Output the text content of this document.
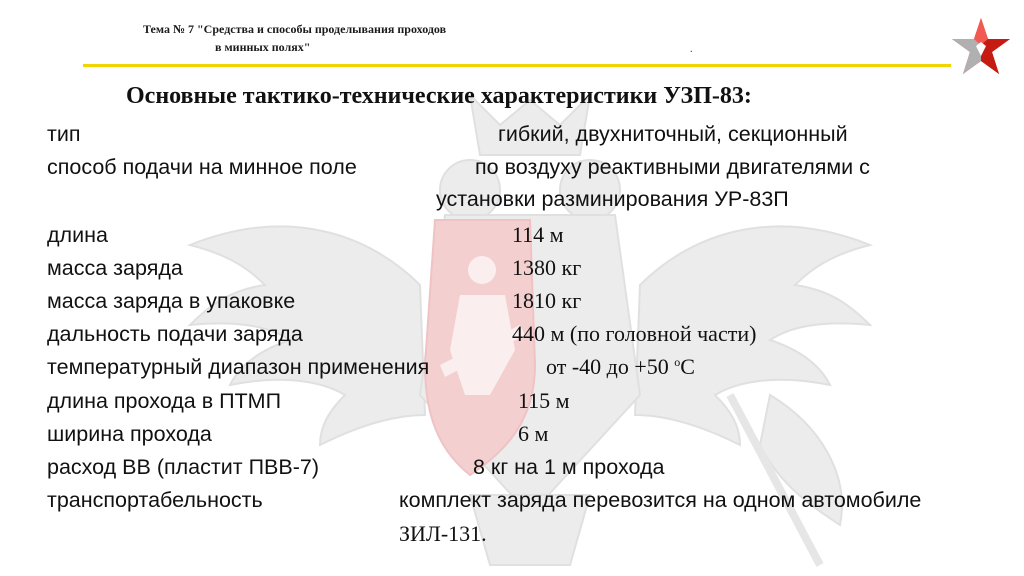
Тема № 7 "Средства и способы проделывания проходов
в минных полях"	.
Основные тактико-технические характеристики УЗП-83:
тип	гибкий, двухниточный, секционный
способ подачи на минное поле	по воздуху реактивными двигателями с
установки разминирования УР-83П
длина	114 м
масса заряда	1380 кг
масса заряда в упаковке	1810 кг
дальность подачи заряда	440 м (по головной части)
температурный диапазон применения	от -40 до +50 $^о$С
длина прохода в ПТМП	115 м
ширина прохода	6 м
расход ВВ (пластит ПВВ-7)	8 кг на 1 м прохода
транспортабельность	комплект заряда перевозится на одном автомобиле
ЗИЛ-131.
